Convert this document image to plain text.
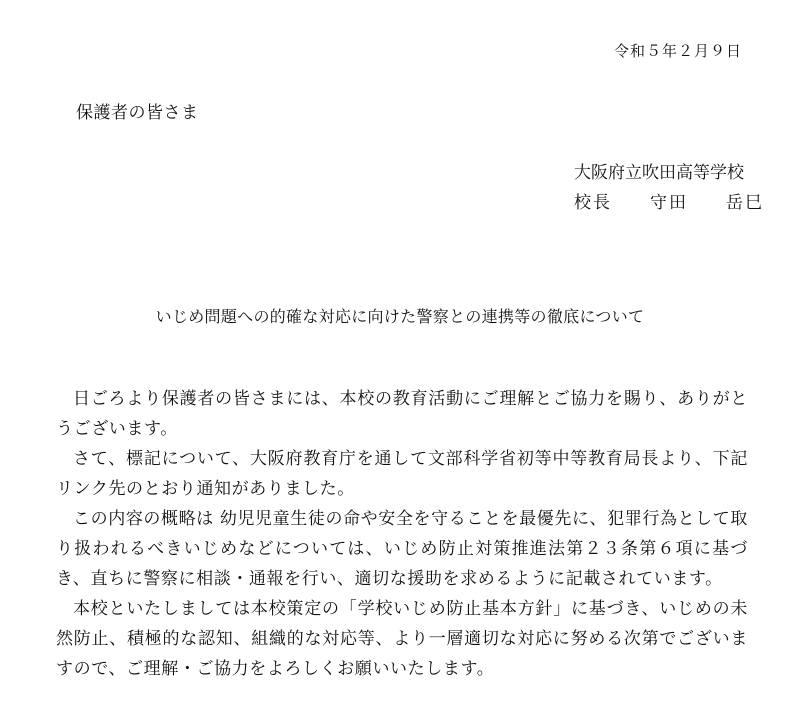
令和５年２月９日
保護者の皆さま
大阪府立吹田高等学校
校長　　守田　　岳巳
いじめ問題への的確な対応に向けた警察との連携等の徹底について

日ごろより保護者の皆さまには、本校の教育活動にご理解とご協力を賜り、ありがとうございます。

さて、標記について、大阪府教育庁を通して文部科学省初等中等教育局長より、下記リンク先のとおり通知がありました。

この内容の概略は 幼児児童生徒の命や安全を守ることを最優先に、犯罪行為として取り扱われるべきいじめなどについては、いじめ防止対策推進法第２３条第６項に基づき、直ちに警察に相談・通報を行い、適切な援助を求めるように記載されています。

本校といたしましては本校策定の「学校いじめ防止基本方針」に基づき、いじめの未然防止、積極的な認知、組織的な対応等、より一層適切な対応に努める次第でございますので、ご理解・ご協力をよろしくお願いいたします。
